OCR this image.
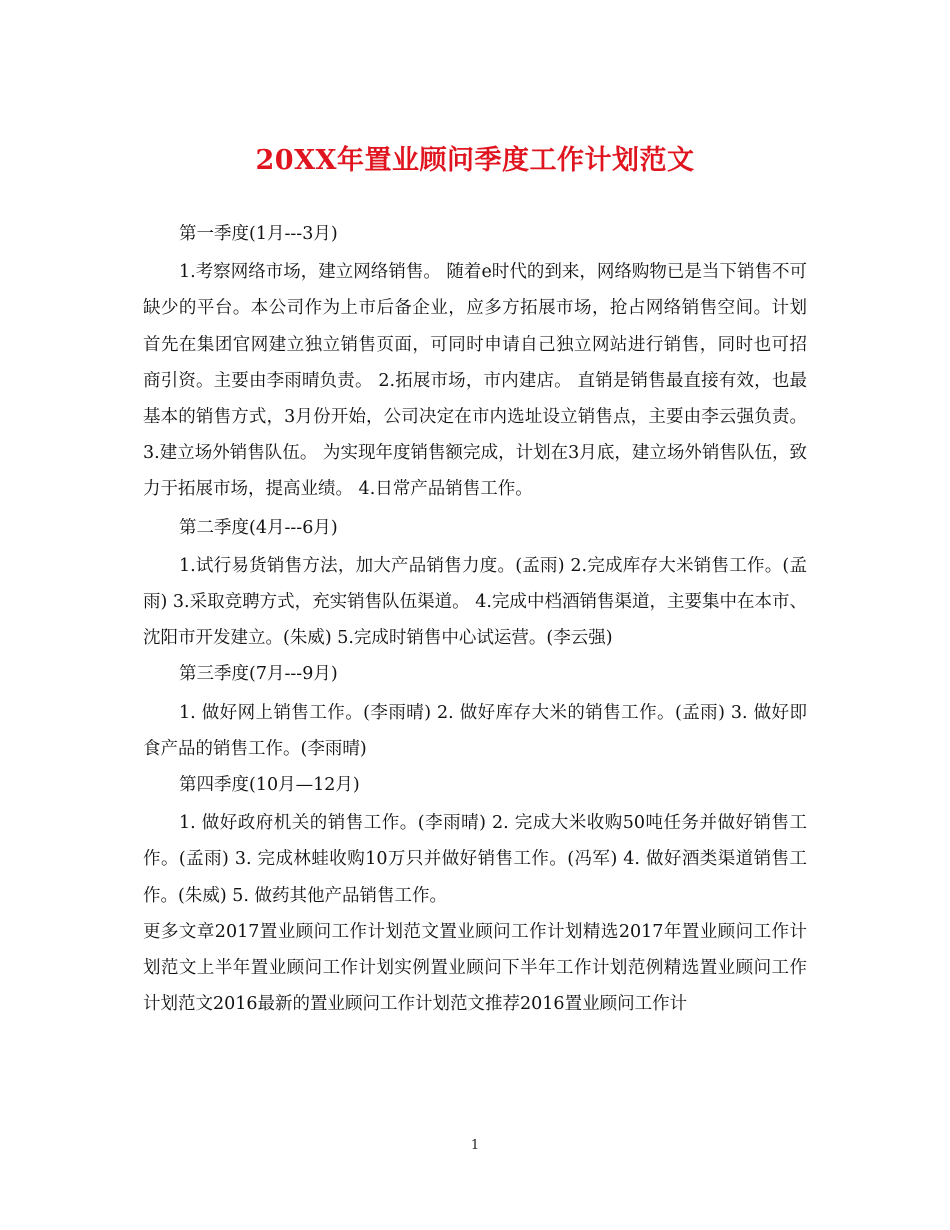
20XX年置业顾问季度工作计划范文

第一季度(1月---3月)

1.考察网络市场，建立网络销售。 随着e时代的到来，网络购物已是当下销售不可缺少的平台。本公司作为上市后备企业，应多方拓展市场，抢占网络销售空间。计划首先在集团官网建立独立销售页面，可同时申请自己独立网站进行销售，同时也可招商引资。主要由李雨晴负责。 2.拓展市场，市内建店。 直销是销售最直接有效，也最基本的销售方式，3月份开始，公司决定在市内选址设立销售点，主要由李云强负责。 3.建立场外销售队伍。 为实现年度销售额完成，计划在3月底，建立场外销售队伍，致力于拓展市场，提高业绩。 4.日常产品销售工作。

第二季度(4月---6月)

1.试行易货销售方法，加大产品销售力度。(孟雨) 2.完成库存大米销售工作。(孟雨) 3.采取竞聘方式，充实销售队伍渠道。 4.完成中档酒销售渠道，主要集中在本市、沈阳市开发建立。(朱威) 5.完成时销售中心试运营。(李云强)

第三季度(7月---9月)

1. 做好网上销售工作。(李雨晴) 2. 做好库存大米的销售工作。(孟雨) 3. 做好即食产品的销售工作。(李雨晴)

第四季度(10月—12月)

1. 做好政府机关的销售工作。(李雨晴) 2. 完成大米收购50吨任务并做好销售工作。(孟雨) 3. 完成林蛙收购10万只并做好销售工作。(冯军) 4. 做好酒类渠道销售工作。(朱威) 5. 做药其他产品销售工作。

更多文章2017置业顾问工作计划范文置业顾问工作计划精选2017年置业顾问工作计划范文上半年置业顾问工作计划实例置业顾问下半年工作计划范例精选置业顾问工作计划范文2016最新的置业顾问工作计划范文推荐2016置业顾问工作计

1
